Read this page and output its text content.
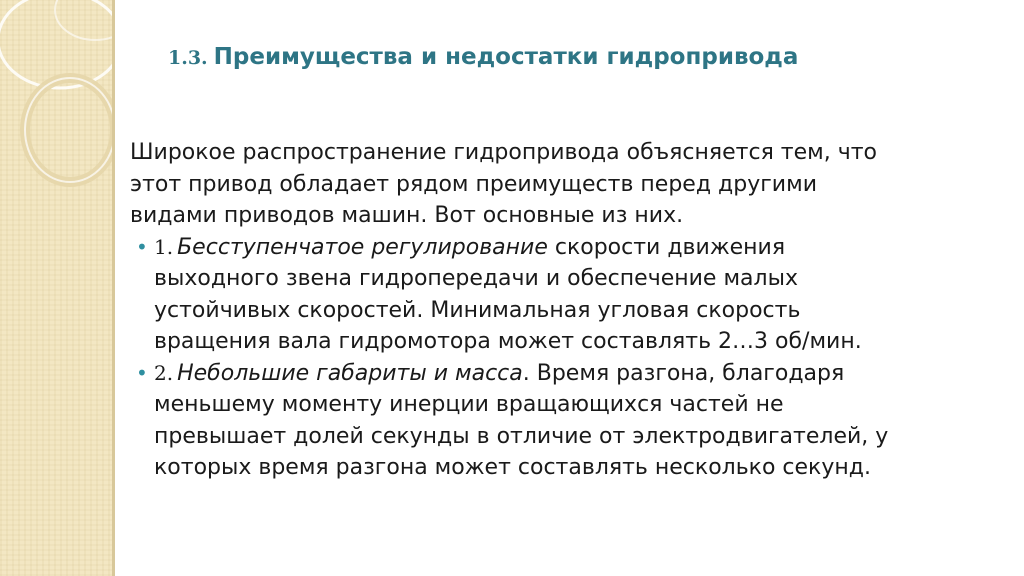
1.3. Преимущества и недостатки гидропривода

Широкое распространение гидропривода объясняется тем, что
этот привод обладает рядом преимуществ перед другими
видами приводов машин. Вот основные из них.

• 1. Бесступенчатое регулирование скорости движения
выходного звена гидропередачи и обеспечение малых
устойчивых скоростей. Минимальная угловая скорость
вращения вала гидромотора может составлять 2…3 об/мин.
• 2. Небольшие габариты и масса. Время разгона, благодаря
меньшему моменту инерции вращающихся частей не
превышает долей секунды в отличие от электродвигателей, у
которых время разгона может составлять несколько секунд.
